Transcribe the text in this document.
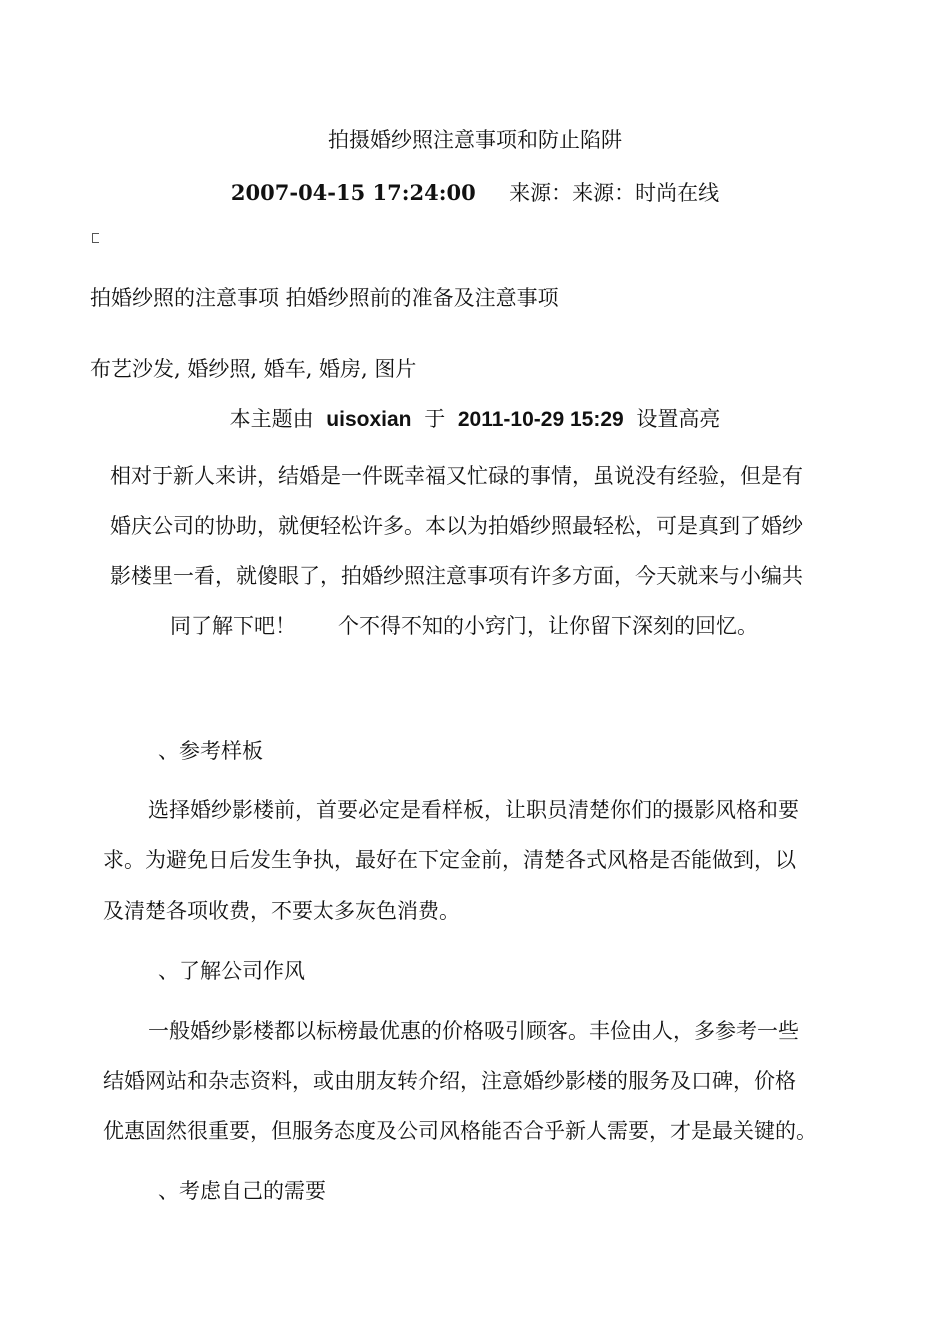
拍摄婚纱照注意事项和防止陷阱
2007-04-15 17:24:00 来源：来源：时尚在线
拍婚纱照的注意事项 拍婚纱照前的准备及注意事项
布艺沙发, 婚纱照, 婚车, 婚房, 图片
本主题由 uisoxian 于 2011-10-29 15:29 设置高亮
相对于新人来讲，结婚是一件既幸福又忙碌的事情，虽说没有经验，但是有
婚庆公司的协助，就便轻松许多。本以为拍婚纱照最轻松，可是真到了婚纱
影楼里一看，就傻眼了，拍婚纱照注意事项有许多方面，今天就来与小编共
同了解下吧！　　个不得不知的小窍门，让你留下深刻的回忆。
、参考样板
选择婚纱影楼前，首要必定是看样板，让职员清楚你们的摄影风格和要
求。为避免日后发生争执，最好在下定金前，清楚各式风格是否能做到，以
及清楚各项收费，不要太多灰色消费。
、了解公司作风
一般婚纱影楼都以标榜最优惠的价格吸引顾客。丰俭由人，多参考一些
结婚网站和杂志资料，或由朋友转介绍，注意婚纱影楼的服务及口碑，价格
优惠固然很重要，但服务态度及公司风格能否合乎新人需要，才是最关键的。
、考虑自己的需要
